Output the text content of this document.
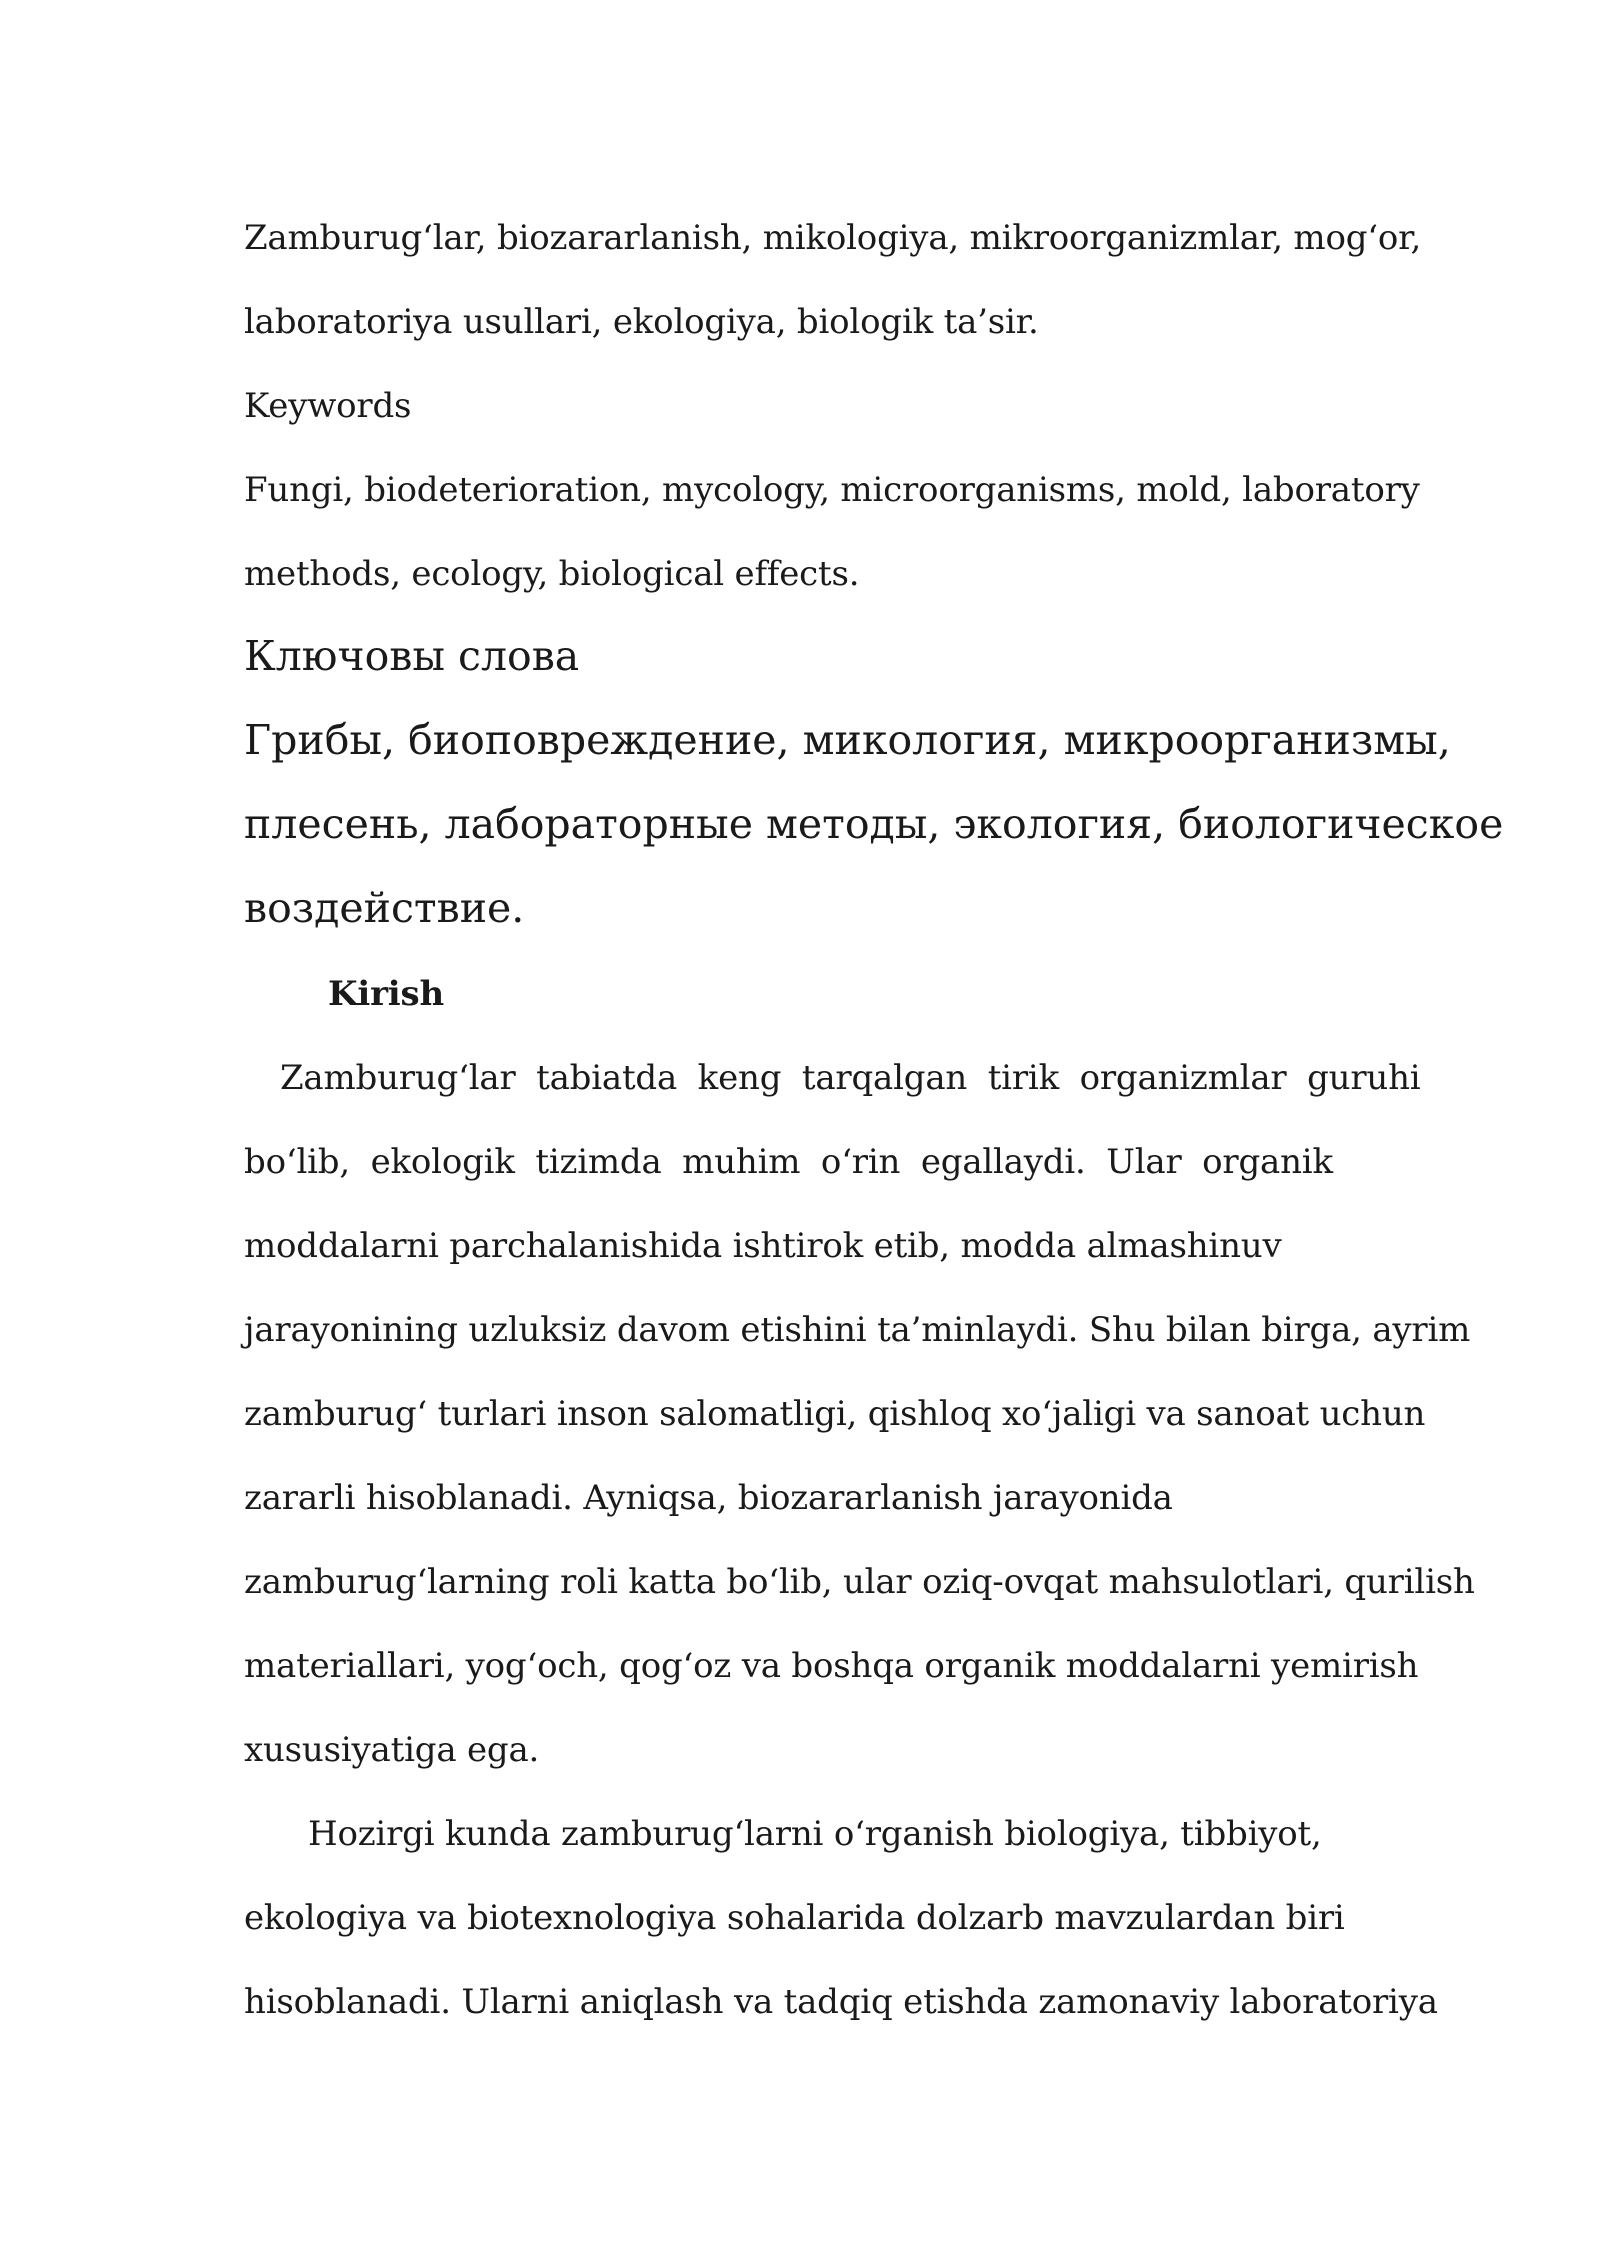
Zamburug‘lar, biozararlanish, mikologiya, mikroorganizmlar, mog‘or,
laboratoriya usullari, ekologiya, biologik ta’sir.
Keywords
Fungi, biodeterioration, mycology, microorganisms, mold, laboratory
methods, ecology, biological effects.
Ключовы слова
Грибы, биоповреждение, микология, микроорганизмы,
плесень, лабораторные методы, экология, биологическое
воздействие.
Kirish
Zamburug‘lar tabiatda keng tarqalgan tirik organizmlar guruhi
bo‘lib, ekologik tizimda muhim o‘rin egallaydi. Ular organik
moddalarni parchalanishida ishtirok etib, modda almashinuv
jarayonining uzluksiz davom etishini ta’minlaydi. Shu bilan birga, ayrim
zamburug‘ turlari inson salomatligi, qishloq xo‘jaligi va sanoat uchun
zararli hisoblanadi. Ayniqsa, biozararlanish jarayonida
zamburug‘larning roli katta bo‘lib, ular oziq-ovqat mahsulotlari, qurilish
materiallari, yog‘och, qog‘oz va boshqa organik moddalarni yemirish
xususiyatiga ega.
Hozirgi kunda zamburug‘larni o‘rganish biologiya, tibbiyot,
ekologiya va biotexnologiya sohalarida dolzarb mavzulardan biri
hisoblanadi. Ularni aniqlash va tadqiq etishda zamonaviy laboratoriya
